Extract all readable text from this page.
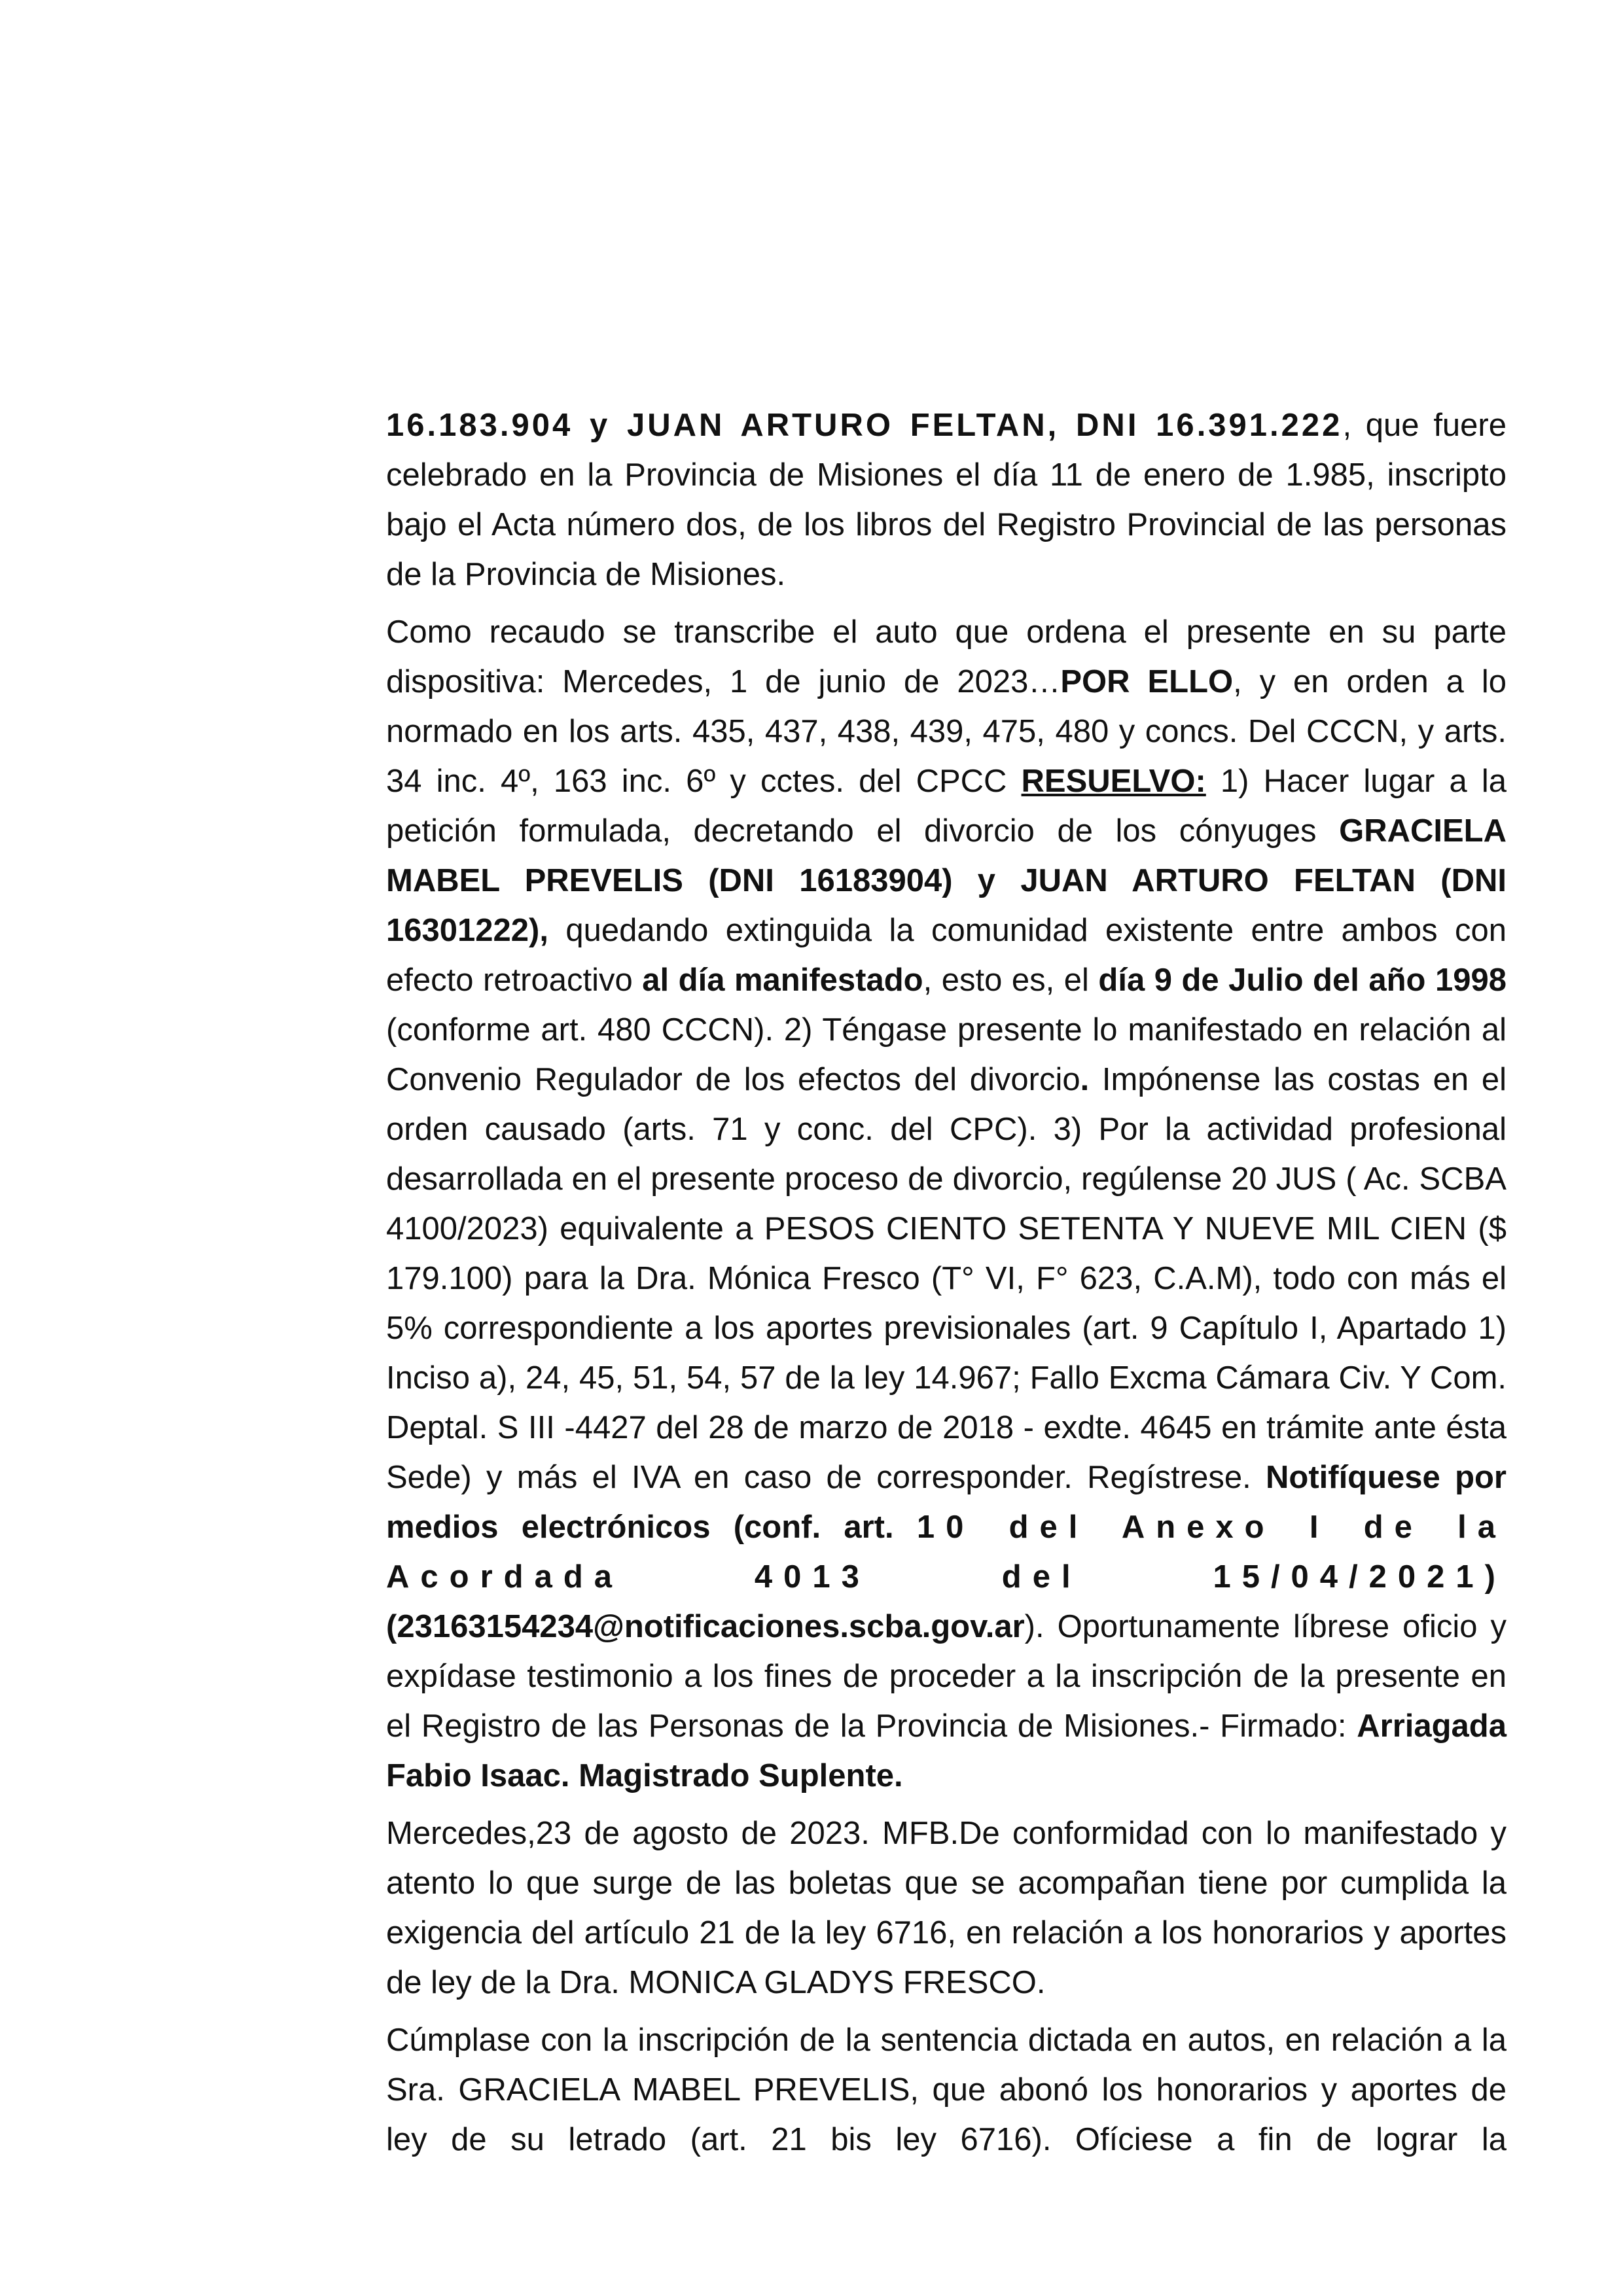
16.183.904 y JUAN ARTURO FELTAN, DNI 16.391.222, que fuere celebrado en la Provincia de Misiones el día 11 de enero de 1.985, inscripto bajo el Acta número dos, de los libros del Registro Provincial de las personas de la Provincia de Misiones.

Como recaudo se transcribe el auto que ordena el presente en su parte dispositiva: Mercedes, 1 de junio de 2023…POR ELLO, y en orden a lo normado en los arts. 435, 437, 438, 439, 475, 480 y concs. Del CCCN, y arts. 34 inc. 4º, 163 inc. 6º y cctes. del CPCC RESUELVO: 1) Hacer lugar a la petición formulada, decretando el divorcio de los cónyuges GRACIELA MABEL PREVELIS (DNI 16183904) y JUAN ARTURO FELTAN (DNI 16301222), quedando extinguida la comunidad existente entre ambos con efecto retroactivo al día manifestado, esto es, el día 9 de Julio del año 1998 (conforme art. 480 CCCN). 2) Téngase presente lo manifestado en relación al Convenio Regulador de los efectos del divorcio. Impónense las costas en el orden causado (arts. 71 y conc. del CPC). 3) Por la actividad profesional desarrollada en el presente proceso de divorcio, regúlense 20 JUS ( Ac. SCBA 4100/2023) equivalente a PESOS CIENTO SETENTA Y NUEVE MIL CIEN ($ 179.100) para la Dra. Mónica Fresco (T° VI, F° 623, C.A.M), todo con más el 5% correspondiente a los aportes previsionales (art. 9 Capítulo I, Apartado 1) Inciso a), 24, 45, 51, 54, 57 de la ley 14.967; Fallo Excma Cámara Civ. Y Com. Deptal. S III -4427 del 28 de marzo de 2018 - exdte. 4645 en trámite ante ésta Sede) y más el IVA en caso de corresponder. Regístrese. Notifíquese por medios electrónicos (conf. art. 10 del Anexo I de la Acordada 4013 del 15/04/2021) (23163154234@notificaciones.scba.gov.ar). Oportunamente líbrese oficio y expídase testimonio a los fines de proceder a la inscripción de la presente en el Registro de las Personas de la Provincia de Misiones.- Firmado: Arriagada Fabio Isaac. Magistrado Suplente.

Mercedes,23 de agosto de 2023. MFB.De conformidad con lo manifestado y atento lo que surge de las boletas que se acompañan tiene por cumplida la exigencia del artículo 21 de la ley 6716, en relación a los honorarios y aportes de ley de la Dra. MONICA GLADYS FRESCO.

Cúmplase con la inscripción de la sentencia dictada en autos, en relación a la Sra. GRACIELA MABEL PREVELIS, que abonó los honorarios y aportes de ley de su letrado (art. 21 bis ley 6716). Ofíciese a fin de lograr la
